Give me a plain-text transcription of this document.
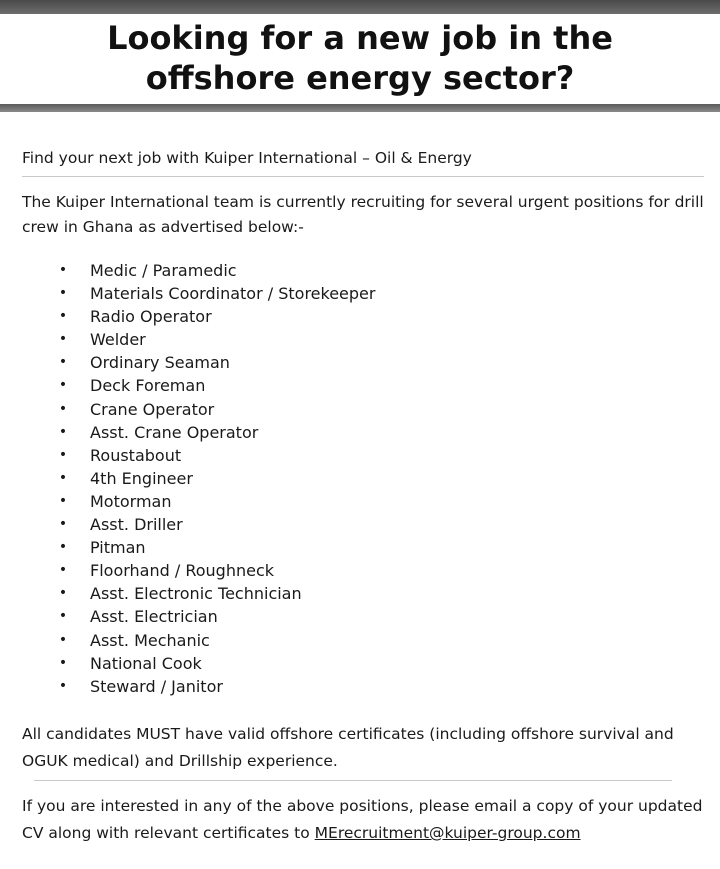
Looking for a new job in the
offshore energy sector?

Find your next job with Kuiper International – Oil & Energy

The Kuiper International team is currently recruiting for several urgent positions for drill crew in Ghana as advertised below:-

• Medic / Paramedic
• Materials Coordinator / Storekeeper
• Radio Operator
• Welder
• Ordinary Seaman
• Deck Foreman
• Crane Operator
• Asst. Crane Operator
• Roustabout
• 4th Engineer
• Motorman
• Asst. Driller
• Pitman
• Floorhand / Roughneck
• Asst. Electronic Technician
• Asst. Electrician
• Asst. Mechanic
• National Cook
• Steward / Janitor

All candidates MUST have valid offshore certificates (including offshore survival and OGUK medical) and Drillship experience.

If you are interested in any of the above positions, please email a copy of your updated CV along with relevant certificates to MErecruitment@kuiper-group.com
